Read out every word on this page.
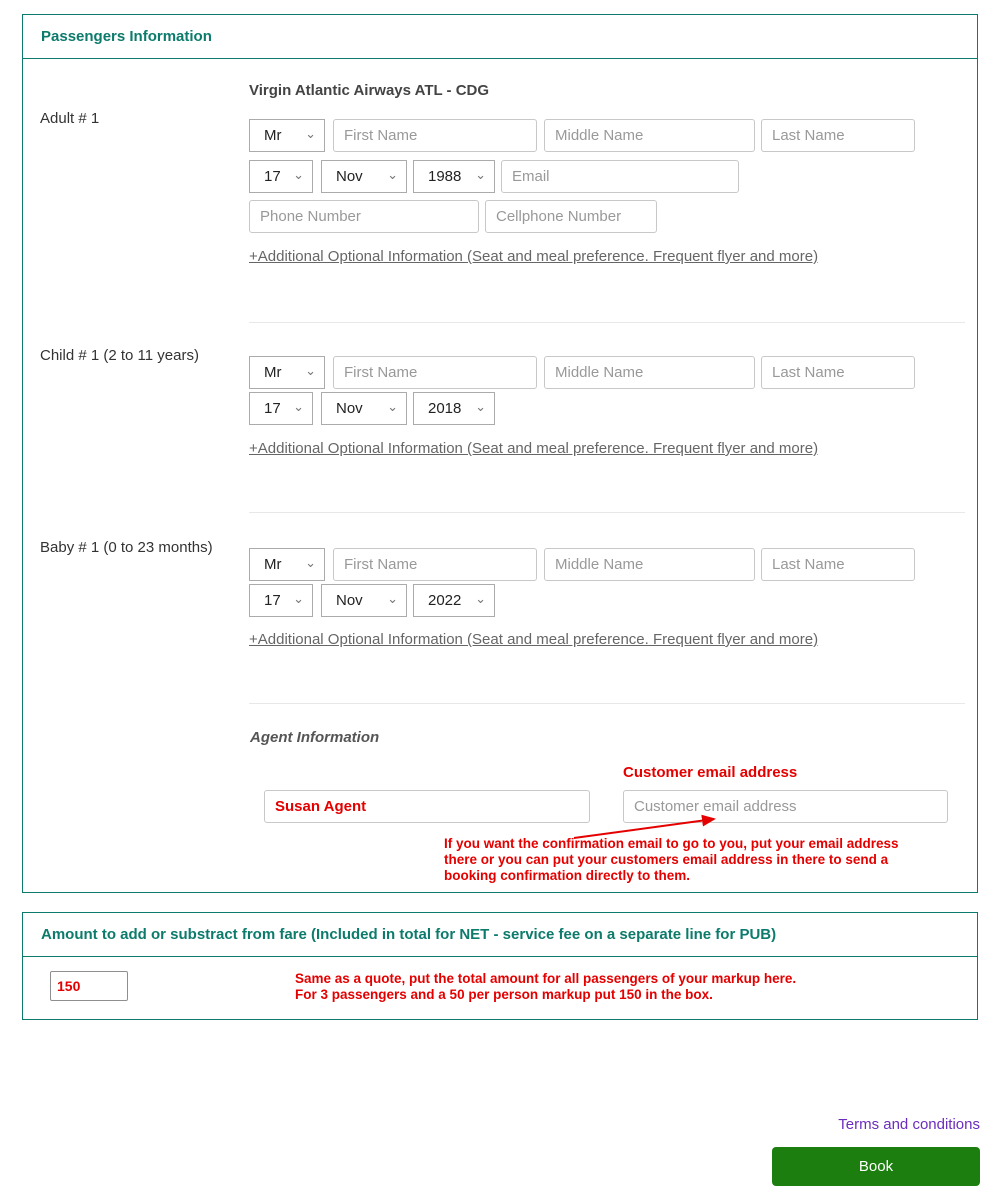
Passengers Information
Virgin Atlantic Airways ATL - CDG
Adult # 1
Mr ⌄
First Name
Middle Name
Last Name
17 ⌄ Nov ⌄ 1988 ⌄
Email
Phone Number
Cellphone Number
+Additional Optional Information (Seat and meal preference. Frequent flyer and more)
Child # 1 (2 to 11 years)
Mr ⌄
First Name
Middle Name
Last Name
17 ⌄ Nov ⌄ 2018 ⌄
+Additional Optional Information (Seat and meal preference. Frequent flyer and more)
Baby # 1 (0 to 23 months)
Mr ⌄
First Name
Middle Name
Last Name
17 ⌄ Nov ⌄ 2022 ⌄
+Additional Optional Information (Seat and meal preference. Frequent flyer and more)
Agent Information
Customer email address
Susan Agent
Customer email address
If you want the confirmation email to go to you, put your email address there or you can put your customers email address in there to send a booking confirmation directly to them.
Amount to add or substract from fare (Included in total for NET - service fee on a separate line for PUB)
150
Same as a quote, put the total amount for all passengers of your markup here.
For 3 passengers and a 50 per person markup put 150 in the box.
Terms and conditions
Book
